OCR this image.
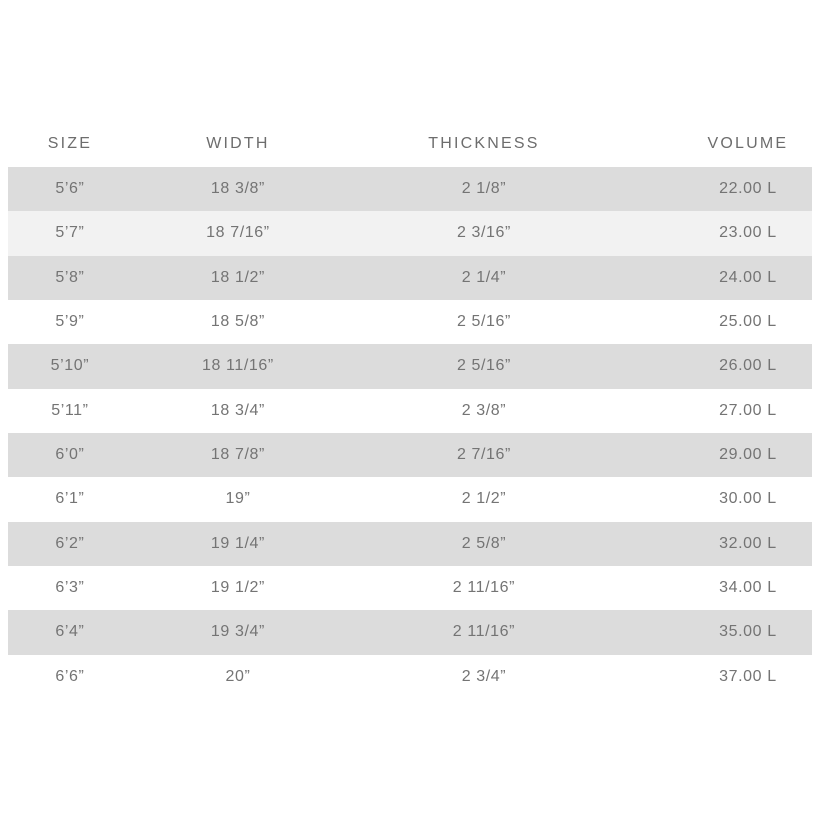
SIZE	WIDTH	THICKNESS	VOLUME
5’6”	18 3/8”	2 1/8”	22.00 L
5’7”	18 7/16”	2 3/16”	23.00 L
5’8”	18 1/2”	2 1/4”	24.00 L
5’9”	18 5/8”	2 5/16”	25.00 L
5’10”	18 11/16”	2 5/16”	26.00 L
5’11”	18 3/4”	2 3/8”	27.00 L
6’0”	18 7/8”	2 7/16”	29.00 L
6’1”	19”	2 1/2”	30.00 L
6’2”	19 1/4”	2 5/8”	32.00 L
6’3”	19 1/2”	2 11/16”	34.00 L
6’4”	19 3/4”	2 11/16”	35.00 L
6’6”	20”	2 3/4”	37.00 L
